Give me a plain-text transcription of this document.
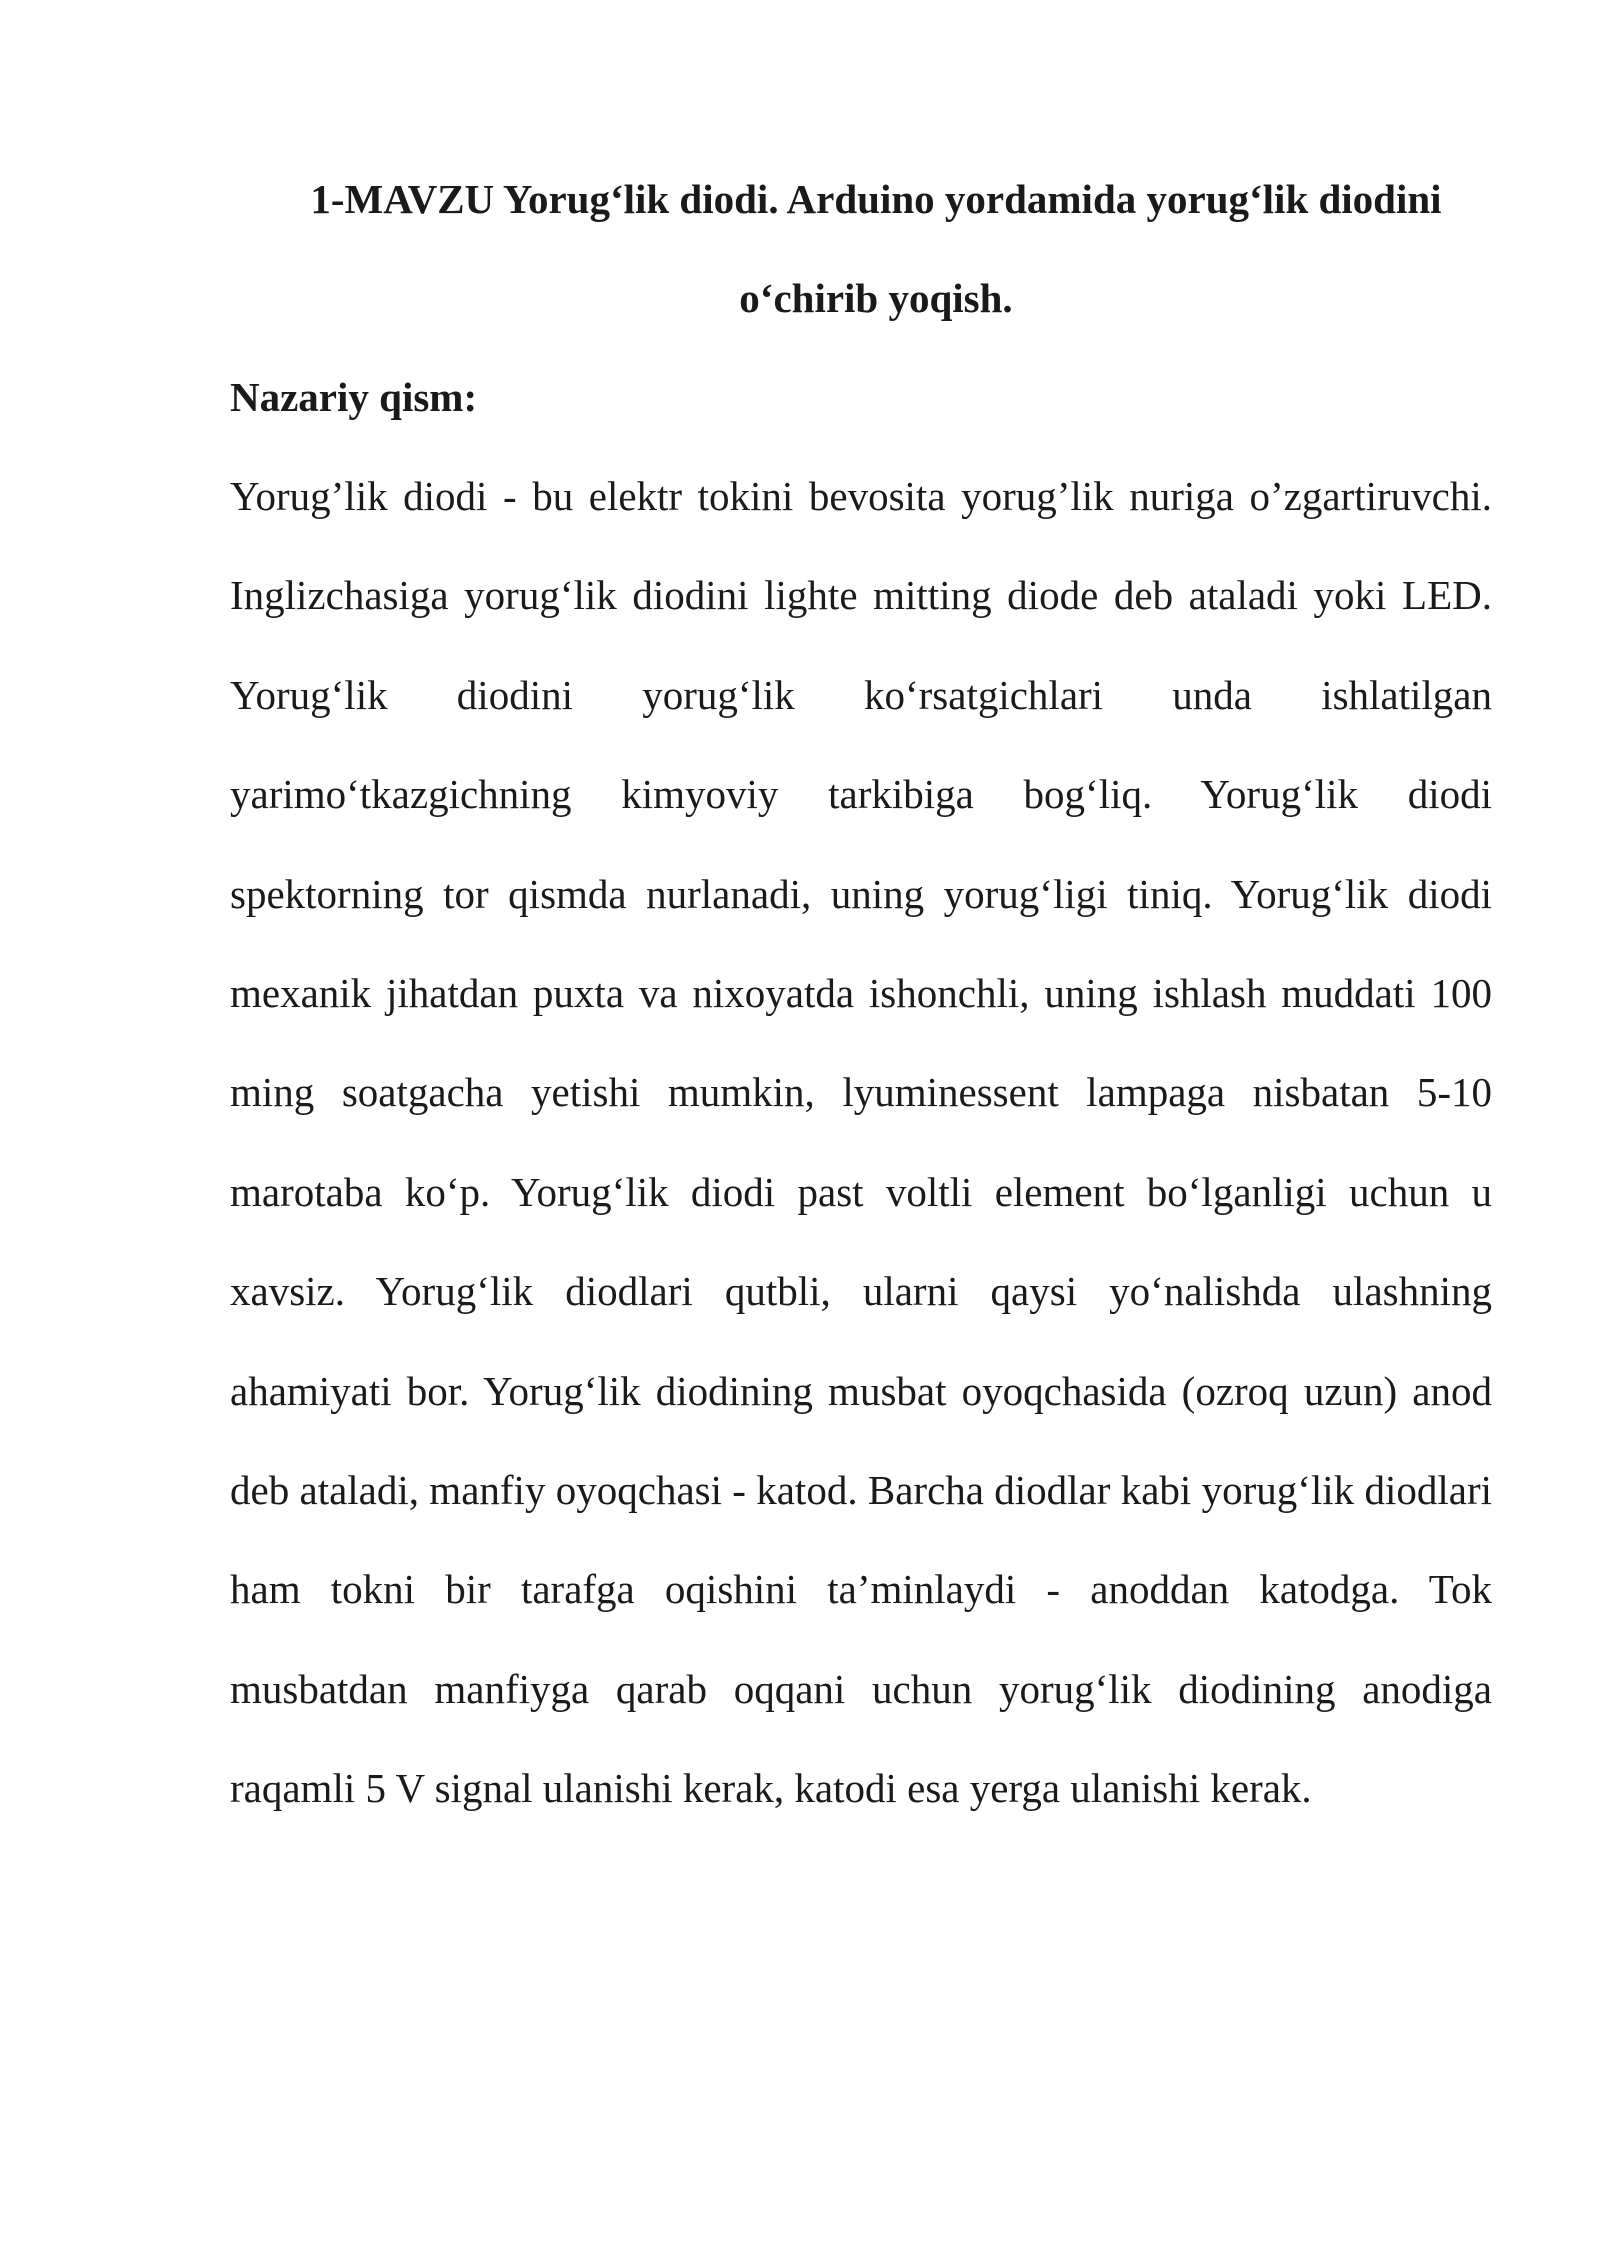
1-MAVZU Yorug‘lik diodi. Arduino yordamida yorug‘lik diodini o‘chirib yoqish.
Nazariy qism:

Yorug’lik diodi - bu elektr tokini bevosita yorug’lik nuriga o’zgartiruvchi. Inglizchasiga yorug‘lik diodini lighte mitting diode deb ataladi yoki LED. Yorug‘lik diodini yorug‘lik ko‘rsatgichlari unda ishlatilgan yarimo‘tkazgichning kimyoviy tarkibiga bog‘liq. Yorug‘lik diodi spektorning tor qismda nurlanadi, uning yorug‘ligi tiniq. Yorug‘lik diodi mexanik jihatdan puxta va nixoyatda ishonchli, uning ishlash muddati 100 ming soatgacha yetishi mumkin, lyuminessent lampaga nisbatan 5-10 marotaba ko‘p. Yorug‘lik diodi past voltli element bo‘lganligi uchun u xavsiz. Yorug‘lik diodlari qutbli, ularni qaysi yo‘nalishda ulashning ahamiyati bor. Yorug‘lik diodining musbat oyoqchasida (ozroq uzun) anod deb ataladi, manfiy oyoqchasi - katod. Barcha diodlar kabi yorug‘lik diodlari ham tokni bir tarafga oqishini ta’minlaydi - anoddan katodga. Tok musbatdan manfiyga qarab oqqani uchun yorug‘lik diodining anodiga raqamli 5 V signal ulanishi kerak, katodi esa yerga ulanishi kerak.
